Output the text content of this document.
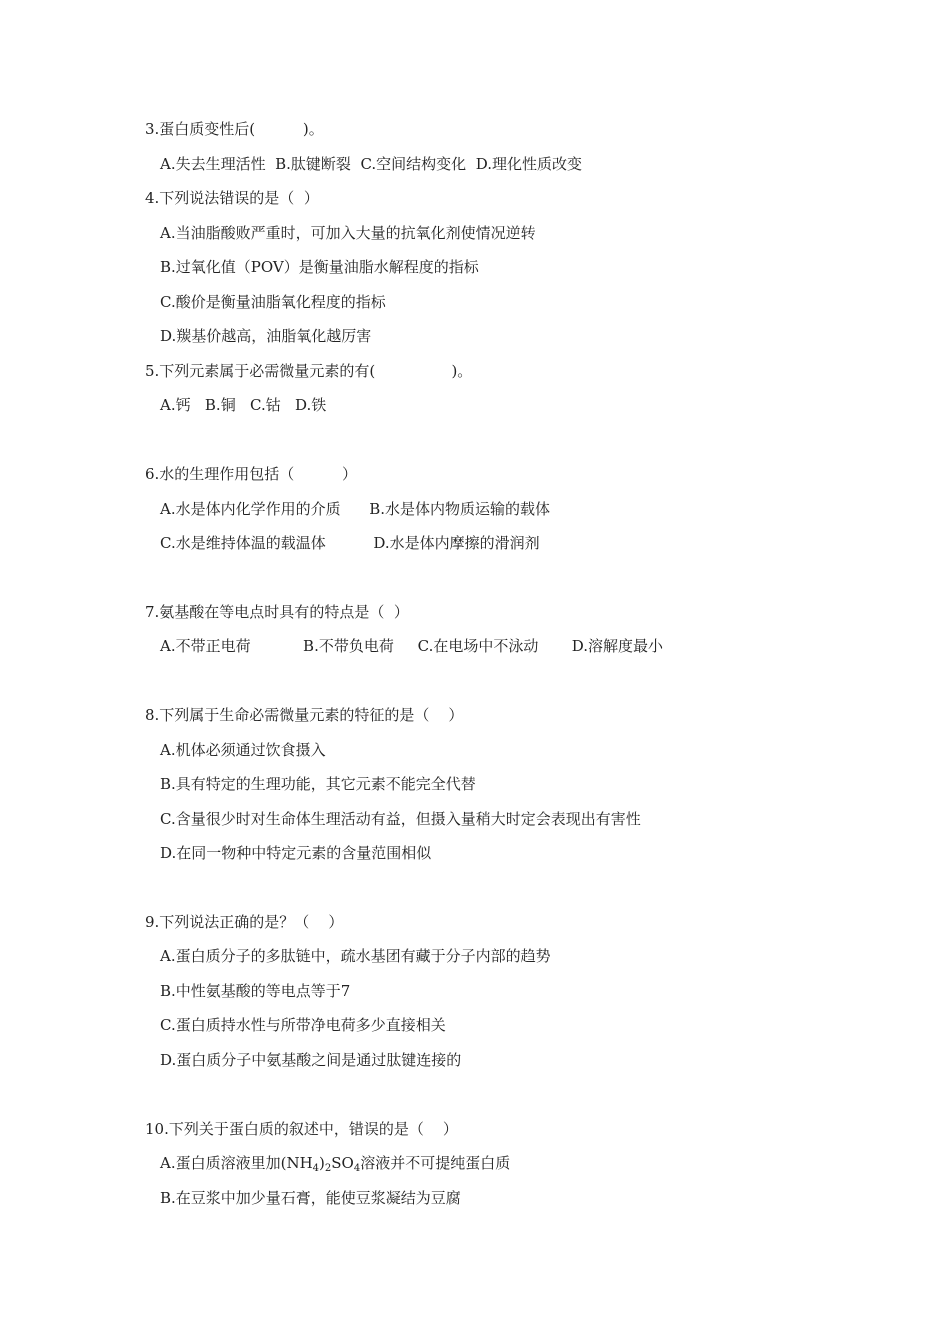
3.蛋白质变性后(          )。
A.失去生理活性  B.肽键断裂  C.空间结构变化  D.理化性质改变
4.下列说法错误的是（  ）
A.当油脂酸败严重时，可加入大量的抗氧化剂使情况逆转
B.过氧化值（POV）是衡量油脂水解程度的指标
C.酸价是衡量油脂氧化程度的指标
D.羰基价越高，油脂氧化越厉害
5.下列元素属于必需微量元素的有(                )。
A.钙   B.铜   C.钴   D.铁
6.水的生理作用包括（          ）
A.水是体内化学作用的介质      B.水是体内物质运输的载体
C.水是维持体温的载温体          D.水是体内摩擦的滑润剂
7.氨基酸在等电点时具有的特点是（  ）
A.不带正电荷           B.不带负电荷     C.在电场中不泳动       D.溶解度最小
8.下列属于生命必需微量元素的特征的是（    ）
A.机体必须通过饮食摄入
B.具有特定的生理功能，其它元素不能完全代替
C.含量很少时对生命体生理活动有益，但摄入量稍大时定会表现出有害性
D.在同一物种中特定元素的含量范围相似
9.下列说法正确的是？（    ）
A.蛋白质分子的多肽链中，疏水基团有藏于分子内部的趋势
B.中性氨基酸的等电点等于7
C.蛋白质持水性与所带净电荷多少直接相关
D.蛋白质分子中氨基酸之间是通过肽键连接的
10.下列关于蛋白质的叙述中，错误的是（    ）
A.蛋白质溶液里加$(NH_4)_2SO_4$溶液并不可提纯蛋白质
B.在豆浆中加少量石膏，能使豆浆凝结为豆腐
